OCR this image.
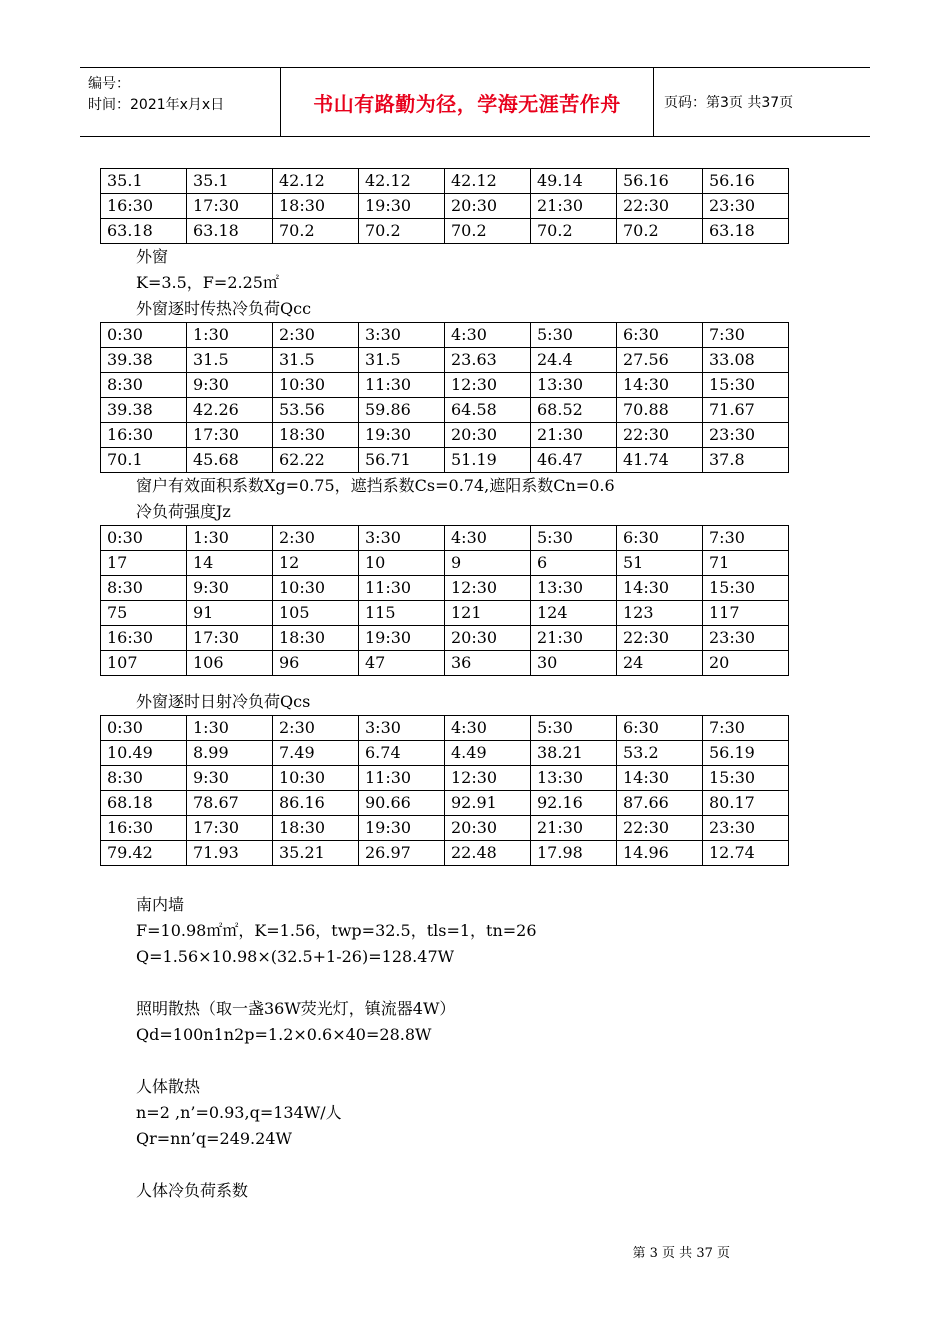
编号：
时间：2021年x月x日	书山有路勤为径，学海无涯苦作舟	页码：第3页 共37页
35.1	35.1	42.12	42.12	42.12	49.14	56.16	56.16
16:30	17:30	18:30	19:30	20:30	21:30	22:30	23:30
63.18	63.18	70.2	70.2	70.2	70.2	70.2	63.18
外窗
K=3.5，F=2.25㎡
外窗逐时传热冷负荷Qcc
0:30	1:30	2:30	3:30	4:30	5:30	6:30	7:30
39.38	31.5	31.5	31.5	23.63	24.4	27.56	33.08
8:30	9:30	10:30	11:30	12:30	13:30	14:30	15:30
39.38	42.26	53.56	59.86	64.58	68.52	70.88	71.67
16:30	17:30	18:30	19:30	20:30	21:30	22:30	23:30
70.1	45.68	62.22	56.71	51.19	46.47	41.74	37.8
窗户有效面积系数Xg=0.75，遮挡系数Cs=0.74,遮阳系数Cn=0.6
冷负荷强度Jz
0:30	1:30	2:30	3:30	4:30	5:30	6:30	7:30
17	14	12	10	9	6	51	71
8:30	9:30	10:30	11:30	12:30	13:30	14:30	15:30
75	91	105	115	121	124	123	117
16:30	17:30	18:30	19:30	20:30	21:30	22:30	23:30
107	106	96	47	36	30	24	20
外窗逐时日射冷负荷Qcs
0:30	1:30	2:30	3:30	4:30	5:30	6:30	7:30
10.49	8.99	7.49	6.74	4.49	38.21	53.2	56.19
8:30	9:30	10:30	11:30	12:30	13:30	14:30	15:30
68.18	78.67	86.16	90.66	92.91	92.16	87.66	80.17
16:30	17:30	18:30	19:30	20:30	21:30	22:30	23:30
79.42	71.93	35.21	26.97	22.48	17.98	14.96	12.74
南内墙
F=10.98㎡㎡，K=1.56，twp=32.5，tls=1，tn=26
Q=1.56×10.98×(32.5+1-26)=128.47W
照明散热（取一盏36W荧光灯，镇流器4W）
Qd=100n1n2p=1.2×0.6×40=28.8W
人体散热
n=2 ,n’=0.93,q=134W/人
Qr=nn’q=249.24W
人体冷负荷系数
第 3 页 共 37 页
